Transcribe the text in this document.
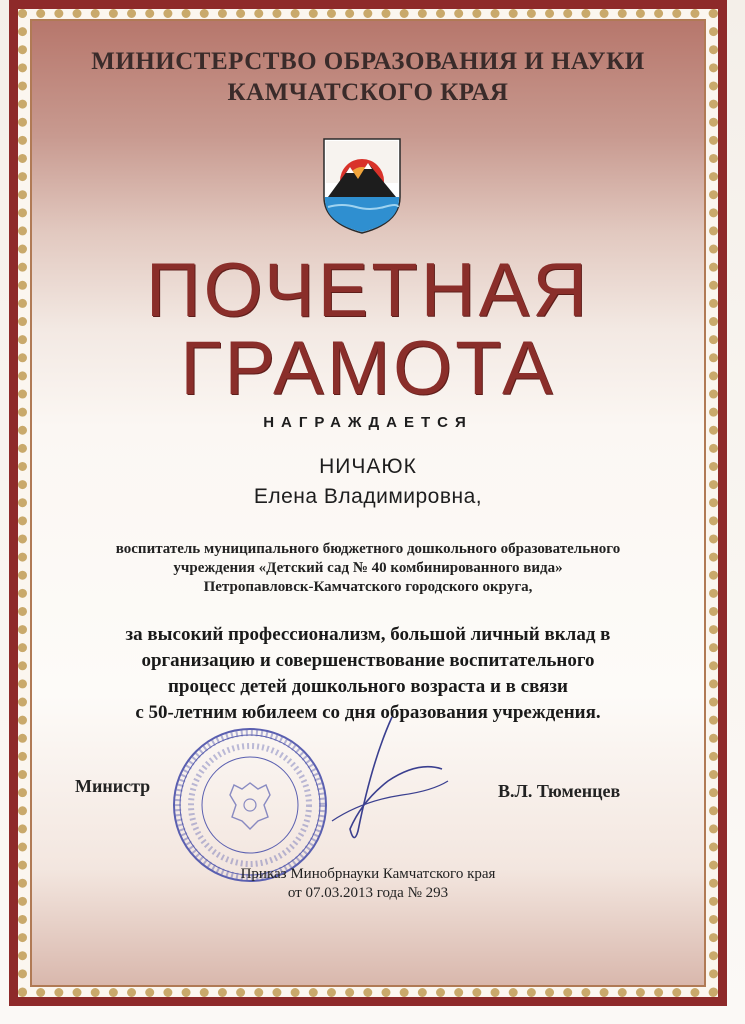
МИНИСТЕРСТВО ОБРАЗОВАНИЯ И НАУКИ
КАМЧАТСКОГО КРАЯ
ПОЧЕТНАЯ
ГРАМОТА
НАГРАЖДАЕТСЯ
НИЧАЮК
Елена Владимировна,
воспитатель муниципального бюджетного дошкольного образовательного
учреждения «Детский сад № 40 комбинированного вида»
Петропавловск-Камчатского городского округа,
за высокий профессионализм, большой личный вклад в
организацию и совершенствование воспитательного
процесс детей дошкольного возраста и в связи
с 50-летним юбилеем со дня образования учреждения.
Министр	В.Л. Тюменцев
Приказ Минобрнауки Камчатского края
от 07.03.2013 года № 293
